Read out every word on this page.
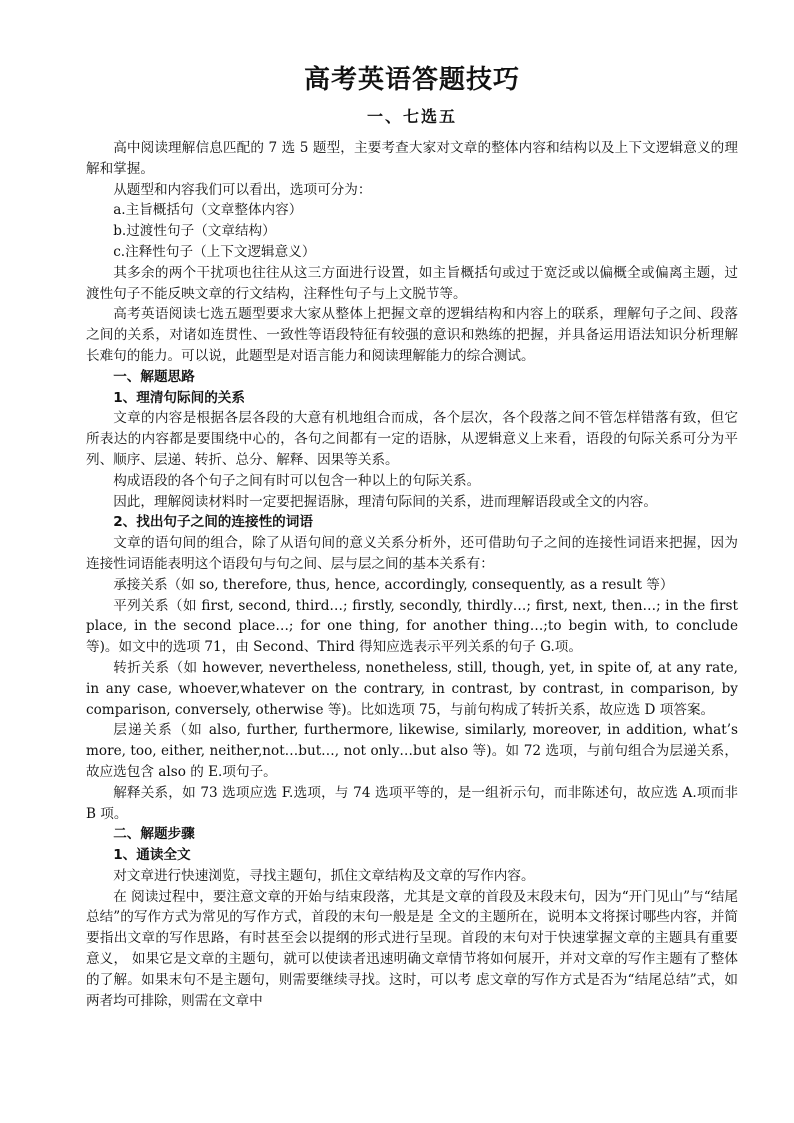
高考英语答题技巧
一、七选五

高中阅读理解信息匹配的 7 选 5 题型，主要考查大家对文章的整体内容和结构以及上下文逻辑意义的理解和掌握。

从题型和内容我们可以看出，选项可分为：

a.主旨概括句（文章整体内容）

b.过渡性句子（文章结构）

c.注释性句子（上下文逻辑意义）

其多余的两个干扰项也往往从这三方面进行设置，如主旨概括句或过于宽泛或以偏概全或偏离主题，过渡性句子不能反映文章的行文结构，注释性句子与上文脱节等。

高考英语阅读七选五题型要求大家从整体上把握文章的逻辑结构和内容上的联系，理解句子之间、段落之间的关系，对诸如连贯性、一致性等语段特征有较强的意识和熟练的把握，并具备运用语法知识分析理解长难句的能力。可以说，此题型是对语言能力和阅读理解能力的综合测试。

一、解题思路

1、理清句际间的关系

文章的内容是根据各层各段的大意有机地组合而成，各个层次，各个段落之间不管怎样错落有致，但它所表达的内容都是要围绕中心的，各句之间都有一定的语脉，从逻辑意义上来看，语段的句际关系可分为平列、顺序、层递、转折、总分、解释、因果等关系。

构成语段的各个句子之间有时可以包含一种以上的句际关系。

因此，理解阅读材料时一定要把握语脉，理清句际间的关系，进而理解语段或全文的内容。

2、找出句子之间的连接性的词语

文章的语句间的组合，除了从语句间的意义关系分析外，还可借助句子之间的连接性词语来把握，因为连接性词语能表明这个语段句与句之间、层与层之间的基本关系有：

承接关系（如 so, therefore, thus, hence, accordingly, consequently, as a result 等）

平列关系（如 first, second, third…; firstly, secondly, thirdly…; first, next, then…; in the first place, in the second place…; for one thing, for another thing…;to begin with, to conclude 等)。如文中的选项 71，由 Second、Third 得知应选表示平列关系的句子 G.项。

转折关系（如 however, nevertheless, nonetheless, still, though, yet, in spite of, at any rate, in any case, whoever,whatever on the contrary, in contrast, by contrast, in comparison, by comparison, conversely, otherwise 等)。比如选项 75，与前句构成了转折关系，故应选 D 项答案。

层递关系（如 also, further, furthermore, likewise, similarly, moreover, in addition, what’s more, too, either, neither,not…but…, not only…but also 等)。如 72 选项，与前句组合为层递关系，故应选包含 also 的 E.项句子。

解释关系，如 73 选项应选 F.选项，与 74 选项平等的，是一组祈示句，而非陈述句，故应选 A.项而非 B 项。

二、解题步骤

1、通读全文

对文章进行快速浏览，寻找主题句，抓住文章结构及文章的写作内容。

在 阅读过程中，要注意文章的开始与结束段落，尤其是文章的首段及末段末句，因为“开门见山”与“结尾总结”的写作方式为常见的写作方式，首段的末句一般是是 全文的主题所在，说明本文将探讨哪些内容，并简要指出文章的写作思路，有时甚至会以提纲的形式进行呈现。首段的末句对于快速掌握文章的主题具有重要意义， 如果它是文章的主题句，就可以使读者迅速明确文章情节将如何展开，并对文章的写作主题有了整体的了解。如果末句不是主题句，则需要继续寻找。这时，可以考 虑文章的写作方式是否为“结尾总结”式，如两者均可排除，则需在文章中
